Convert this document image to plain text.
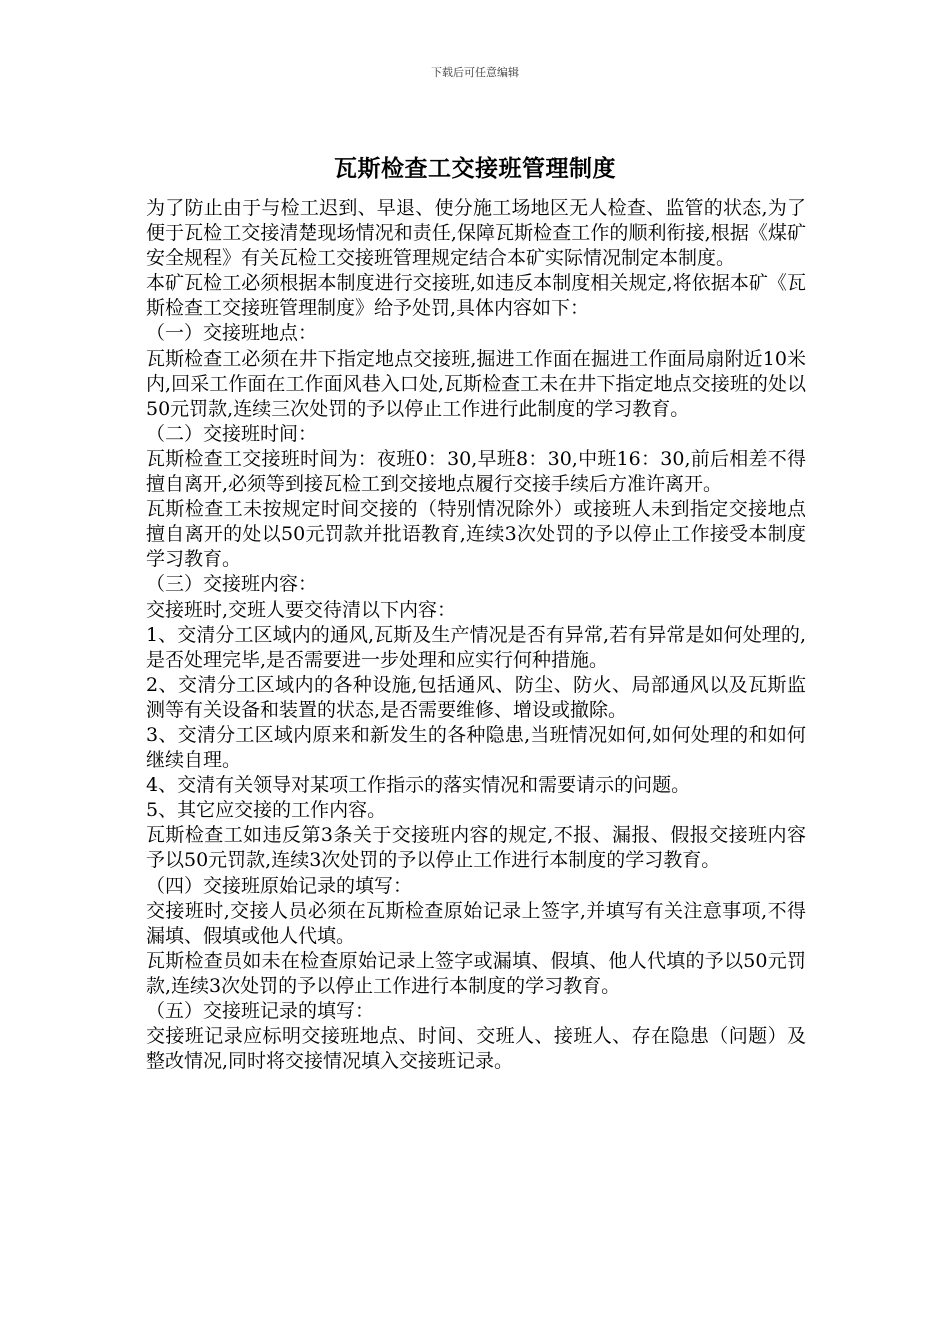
下载后可任意编辑
瓦斯检查工交接班管理制度

为了防止由于与检工迟到、早退、使分施工场地区无人检查、监管的状态,为了便于瓦检工交接清楚现场情况和责任,保障瓦斯检查工作的顺利衔接,根据《煤矿安全规程》有关瓦检工交接班管理规定结合本矿实际情况制定本制度。

本矿瓦检工必须根据本制度进行交接班,如违反本制度相关规定,将依据本矿《瓦斯检查工交接班管理制度》给予处罚,具体内容如下：

（一）交接班地点：

瓦斯检查工必须在井下指定地点交接班,掘进工作面在掘进工作面局扇附近10米内,回采工作面在工作面风巷入口处,瓦斯检查工未在井下指定地点交接班的处以50元罚款,连续三次处罚的予以停止工作进行此制度的学习教育。

（二）交接班时间：

瓦斯检查工交接班时间为：夜班0：30,早班8：30,中班16：30,前后相差不得擅自离开,必须等到接瓦检工到交接地点履行交接手续后方准许离开。

瓦斯检查工未按规定时间交接的（特别情况除外）或接班人未到指定交接地点擅自离开的处以50元罚款并批语教育,连续3次处罚的予以停止工作接受本制度学习教育。

（三）交接班内容：

交接班时,交班人要交待清以下内容：

1、交清分工区域内的通风,瓦斯及生产情况是否有异常,若有异常是如何处理的,是否处理完毕,是否需要进一步处理和应实行何种措施。

2、交清分工区域内的各种设施,包括通风、防尘、防火、局部通风以及瓦斯监测等有关设备和装置的状态,是否需要维修、增设或撤除。

3、交清分工区域内原来和新发生的各种隐患,当班情况如何,如何处理的和如何继续自理。

4、交清有关领导对某项工作指示的落实情况和需要请示的问题。

5、其它应交接的工作内容。

瓦斯检查工如违反第3条关于交接班内容的规定,不报、漏报、假报交接班内容予以50元罚款,连续3次处罚的予以停止工作进行本制度的学习教育。

（四）交接班原始记录的填写：

交接班时,交接人员必须在瓦斯检查原始记录上签字,并填写有关注意事项,不得漏填、假填或他人代填。

瓦斯检查员如未在检查原始记录上签字或漏填、假填、他人代填的予以50元罚款,连续3次处罚的予以停止工作进行本制度的学习教育。

（五）交接班记录的填写：

交接班记录应标明交接班地点、时间、交班人、接班人、存在隐患（问题）及整改情况,同时将交接情况填入交接班记录。
